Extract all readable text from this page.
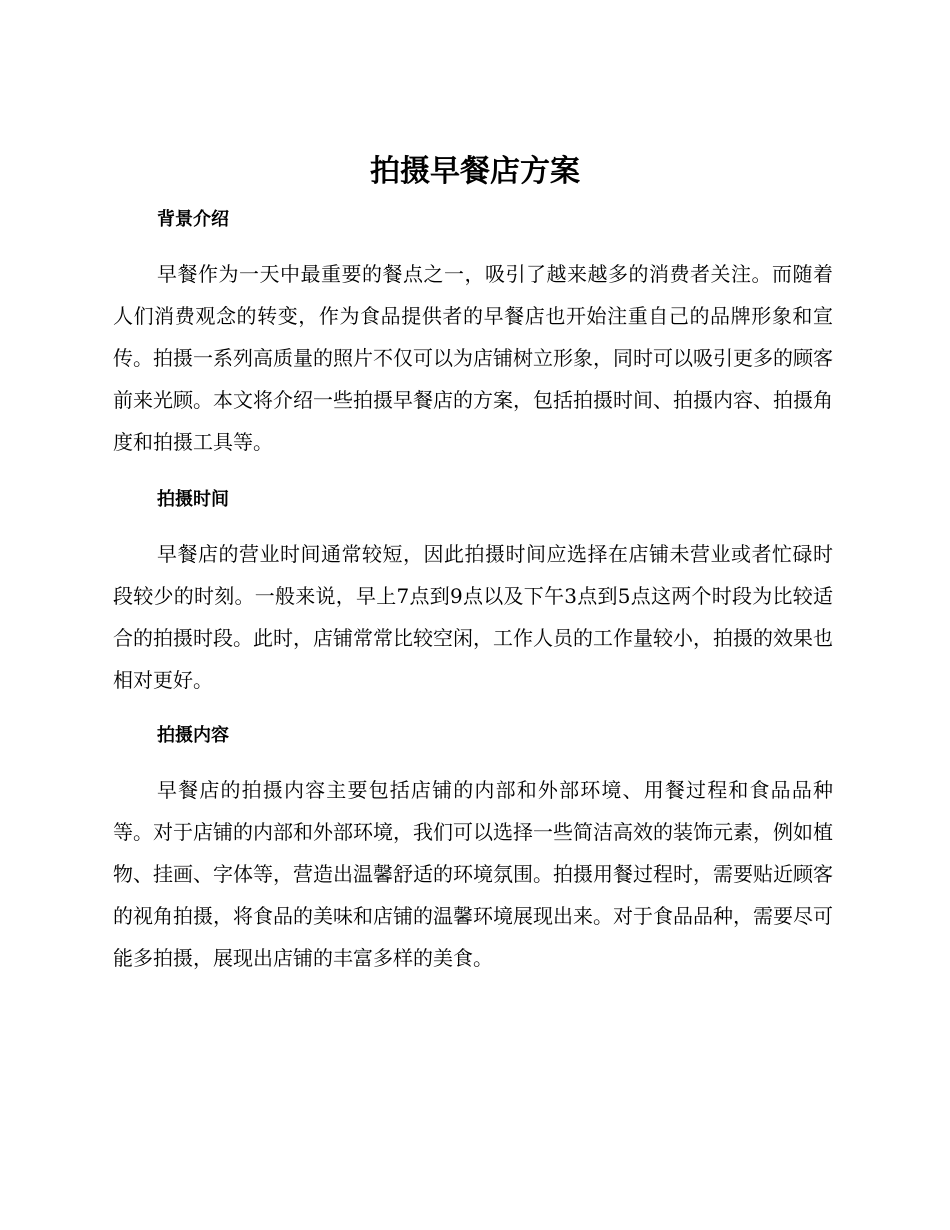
拍摄早餐店方案
背景介绍

早餐作为一天中最重要的餐点之一，吸引了越来越多的消费者关注。而随着人们消费观念的转变，作为食品提供者的早餐店也开始注重自己的品牌形象和宣传。拍摄一系列高质量的照片不仅可以为店铺树立形象，同时可以吸引更多的顾客前来光顾。本文将介绍一些拍摄早餐店的方案，包括拍摄时间、拍摄内容、拍摄角度和拍摄工具等。

拍摄时间

早餐店的营业时间通常较短，因此拍摄时间应选择在店铺未营业或者忙碌时段较少的时刻。一般来说，早上7点到9点以及下午3点到5点这两个时段为比较适合的拍摄时段。此时，店铺常常比较空闲，工作人员的工作量较小，拍摄的效果也相对更好。

拍摄内容

早餐店的拍摄内容主要包括店铺的内部和外部环境、用餐过程和食品品种等。对于店铺的内部和外部环境，我们可以选择一些简洁高效的装饰元素，例如植物、挂画、字体等，营造出温馨舒适的环境氛围。拍摄用餐过程时，需要贴近顾客的视角拍摄，将食品的美味和店铺的温馨环境展现出来。对于食品品种，需要尽可能多拍摄，展现出店铺的丰富多样的美食。
